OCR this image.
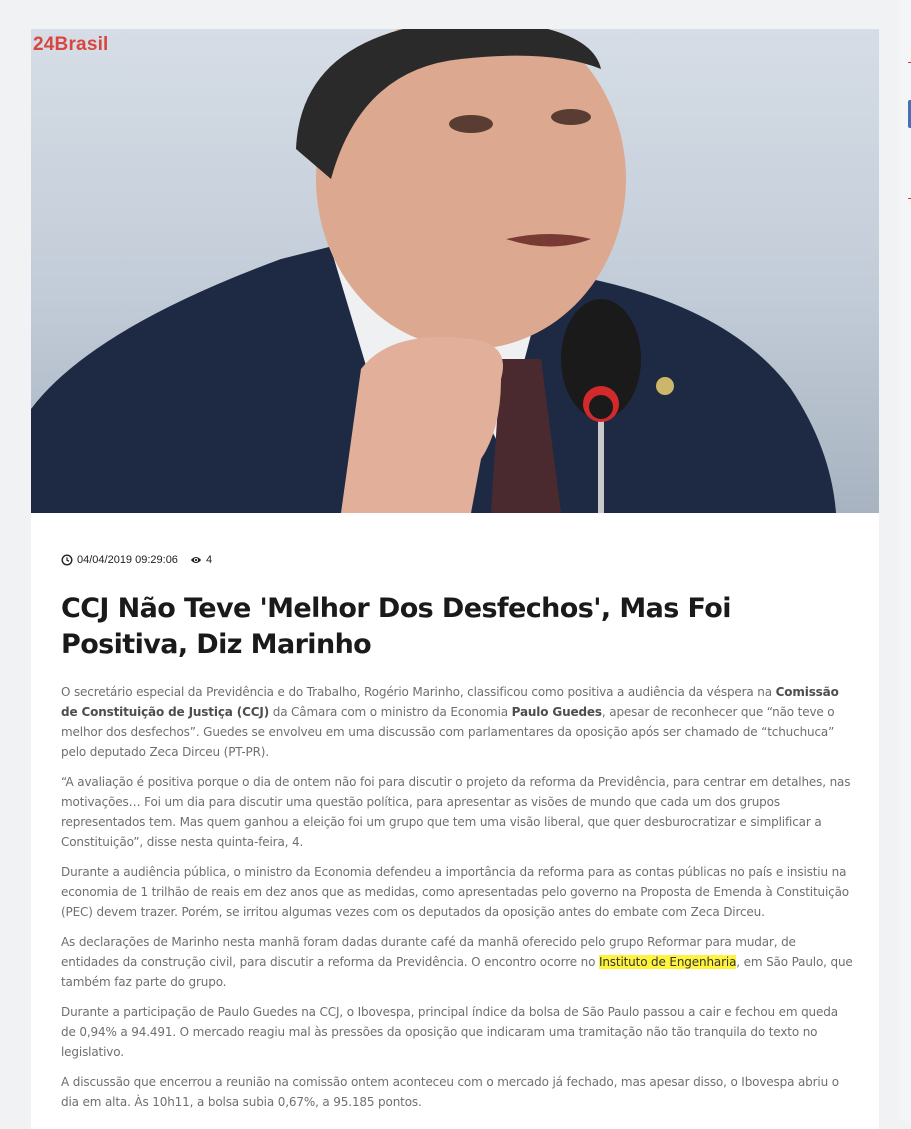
24Brasil
04/04/2019 09:29:06	4
CCJ Não Teve 'Melhor Dos Desfechos', Mas Foi Positiva, Diz Marinho

O secretário especial da Previdência e do Trabalho, Rogério Marinho, classificou como positiva a audiência da véspera na Comissão de Constituição de Justiça (CCJ) da Câmara com o ministro da Economia Paulo Guedes, apesar de reconhecer que “não teve o melhor dos desfechos”. Guedes se envolveu em uma discussão com parlamentares da oposição após ser chamado de “tchuchuca” pelo deputado Zeca Dirceu (PT-PR).

“A avaliação é positiva porque o dia de ontem não foi para discutir o projeto da reforma da Previdência, para centrar em detalhes, nas motivações… Foi um dia para discutir uma questão política, para apresentar as visões de mundo que cada um dos grupos representados tem. Mas quem ganhou a eleição foi um grupo que tem uma visão liberal, que quer desburocratizar e simplificar a Constituição”, disse nesta quinta-feira, 4.

Durante a audiência pública, o ministro da Economia defendeu a importância da reforma para as contas públicas no país e insistiu na economia de 1 trilhão de reais em dez anos que as medidas, como apresentadas pelo governo na Proposta de Emenda à Constituição (PEC) devem trazer. Porém, se irritou algumas vezes com os deputados da oposição antes do embate com Zeca Dirceu.

As declarações de Marinho nesta manhã foram dadas durante café da manhã oferecido pelo grupo Reformar para mudar, de entidades da construção civil, para discutir a reforma da Previdência. O encontro ocorre no Instituto de Engenharia, em São Paulo, que também faz parte do grupo.

Durante a participação de Paulo Guedes na CCJ, o Ibovespa, principal índice da bolsa de São Paulo passou a cair e fechou em queda de 0,94% a 94.491. O mercado reagiu mal às pressões da oposição que indicaram uma tramitação não tão tranquila do texto no legislativo.

A discussão que encerrou a reunião na comissão ontem aconteceu com o mercado já fechado, mas apesar disso, o Ibovespa abriu o dia em alta. Às 10h11, a bolsa subia 0,67%, a 95.185 pontos.
